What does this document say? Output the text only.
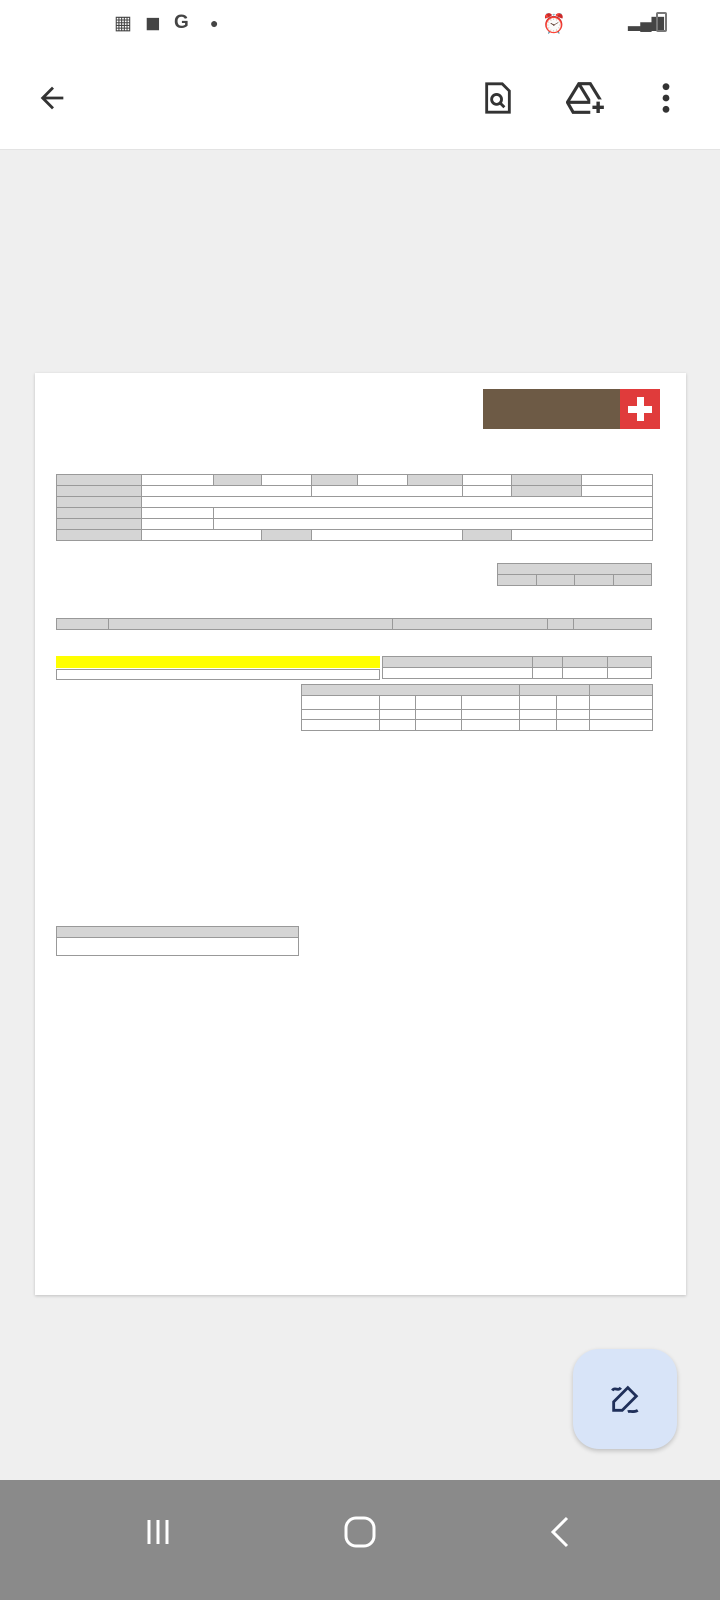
▦ ◼ G ●	⏰	▂▄▆
